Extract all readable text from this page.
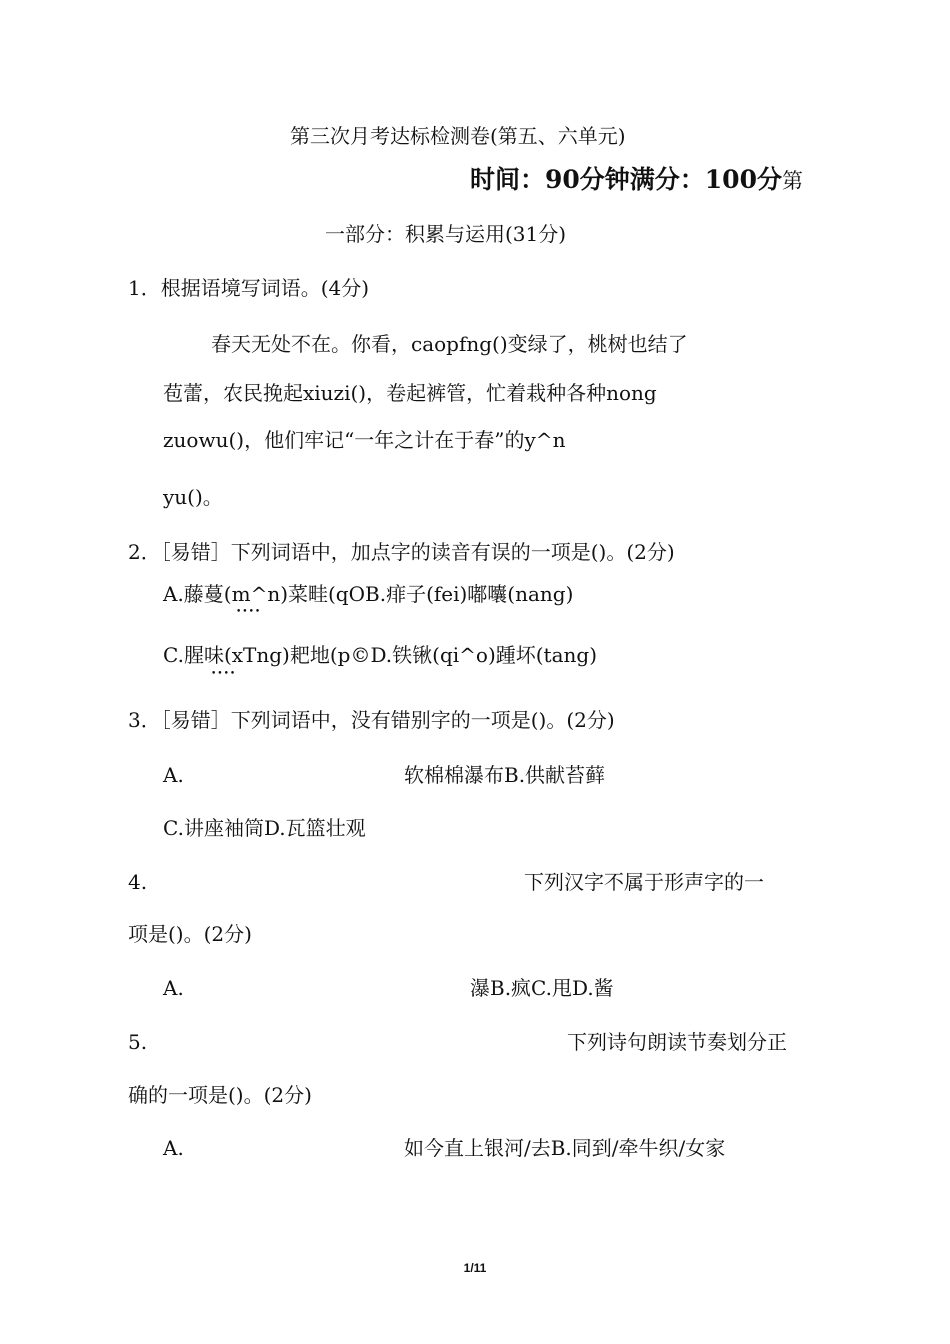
第三次月考达标检测卷(第五、六单元)
时间：90分钟满分：100分第
一部分：积累与运用(31分)
1．根据语境写词语。(4分)
春天无处不在。你看，caopfng()变绿了，桃树也结了
苞蕾，农民挽起xiuzi()，卷起裤管，忙着栽种各种nong
zuowu()，他们牢记“一年之计在于春”的y^n
yu()。
2．［易错］下列词语中，加点字的读音有误的一项是()。(2分)
A.藤蔓(m^n)菜畦(qOB.痱子(fei)嘟囔(nang)
••••
C.腥味(xTng)耙地(p©D.铁锹(qi^o)踵坏(tang)
••••
3．［易错］下列词语中，没有错别字的一项是()。(2分)
A.	软棉棉瀑布B.供献苔藓
C.讲座袖筒D.瓦篮壮观
4.	下列汉字不属于形声字的一
项是()。(2分)
A.	瀑B.疯C.甩D.酱
5.	下列诗句朗读节奏划分正
确的一项是()。(2分)
A.	如今直上银河/去B.同到/牵牛织/女家
1/11
